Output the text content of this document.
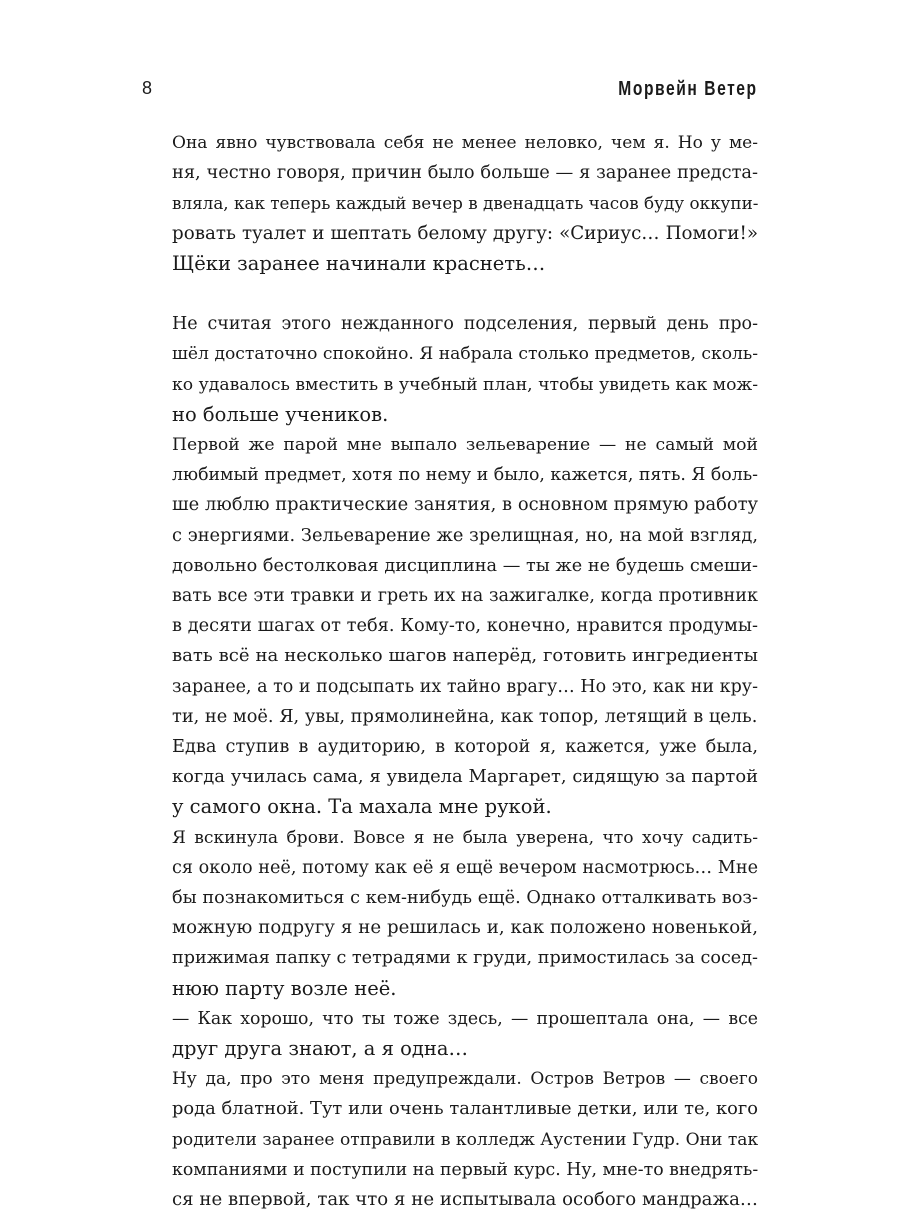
8	Морвейн Ветер

Она явно чувствовала себя не менее неловко, чем я. Но у ме-
ня, честно говоря, причин было больше — я заранее предста-
вляла, как теперь каждый вечер в двенадцать часов буду оккупи-
ровать туалет и шептать белому другу: «Сириус… Помоги!»
Щёки заранее начинали краснеть…

Не считая этого нежданного подселения, первый день про-
шёл достаточно спокойно. Я набрала столько предметов, сколь-
ко удавалось вместить в учебный план, чтобы увидеть как мож-
но больше учеников.

Первой же парой мне выпало зельеварение — не самый мой
любимый предмет, хотя по нему и было, кажется, пять. Я боль-
ше люблю практические занятия, в основном прямую работу
с энергиями. Зельеварение же зрелищная, но, на мой взгляд,
довольно бестолковая дисциплина — ты же не будешь смеши-
вать все эти травки и греть их на зажигалке, когда противник
в десяти шагах от тебя. Кому-то, конечно, нравится продумы-
вать всё на несколько шагов наперёд, готовить ингредиенты
заранее, а то и подсыпать их тайно врагу… Но это, как ни кру-
ти, не моё. Я, увы, прямолинейна, как топор, летящий в цель.

Едва ступив в аудиторию, в которой я, кажется, уже была,
когда училась сама, я увидела Маргарет, сидящую за партой
у самого окна. Та махала мне рукой.

Я вскинула брови. Вовсе я не была уверена, что хочу садить-
ся около неё, потому как её я ещё вечером насмотрюсь… Мне
бы познакомиться с кем-нибудь ещё. Однако отталкивать воз-
можную подругу я не решилась и, как положено новенькой,
прижимая папку с тетрадями к груди, примостилась за сосед-
нюю парту возле неё.

— Как хорошо, что ты тоже здесь, — прошептала она, — все
друг друга знают, а я одна…

Ну да, про это меня предупреждали. Остров Ветров — своего
рода блатной. Тут или очень талантливые детки, или те, кого
родители заранее отправили в колледж Аустении Гудр. Они так
компаниями и поступили на первый курс. Ну, мне-то внедрять-
ся не впервой, так что я не испытывала особого мандража…
